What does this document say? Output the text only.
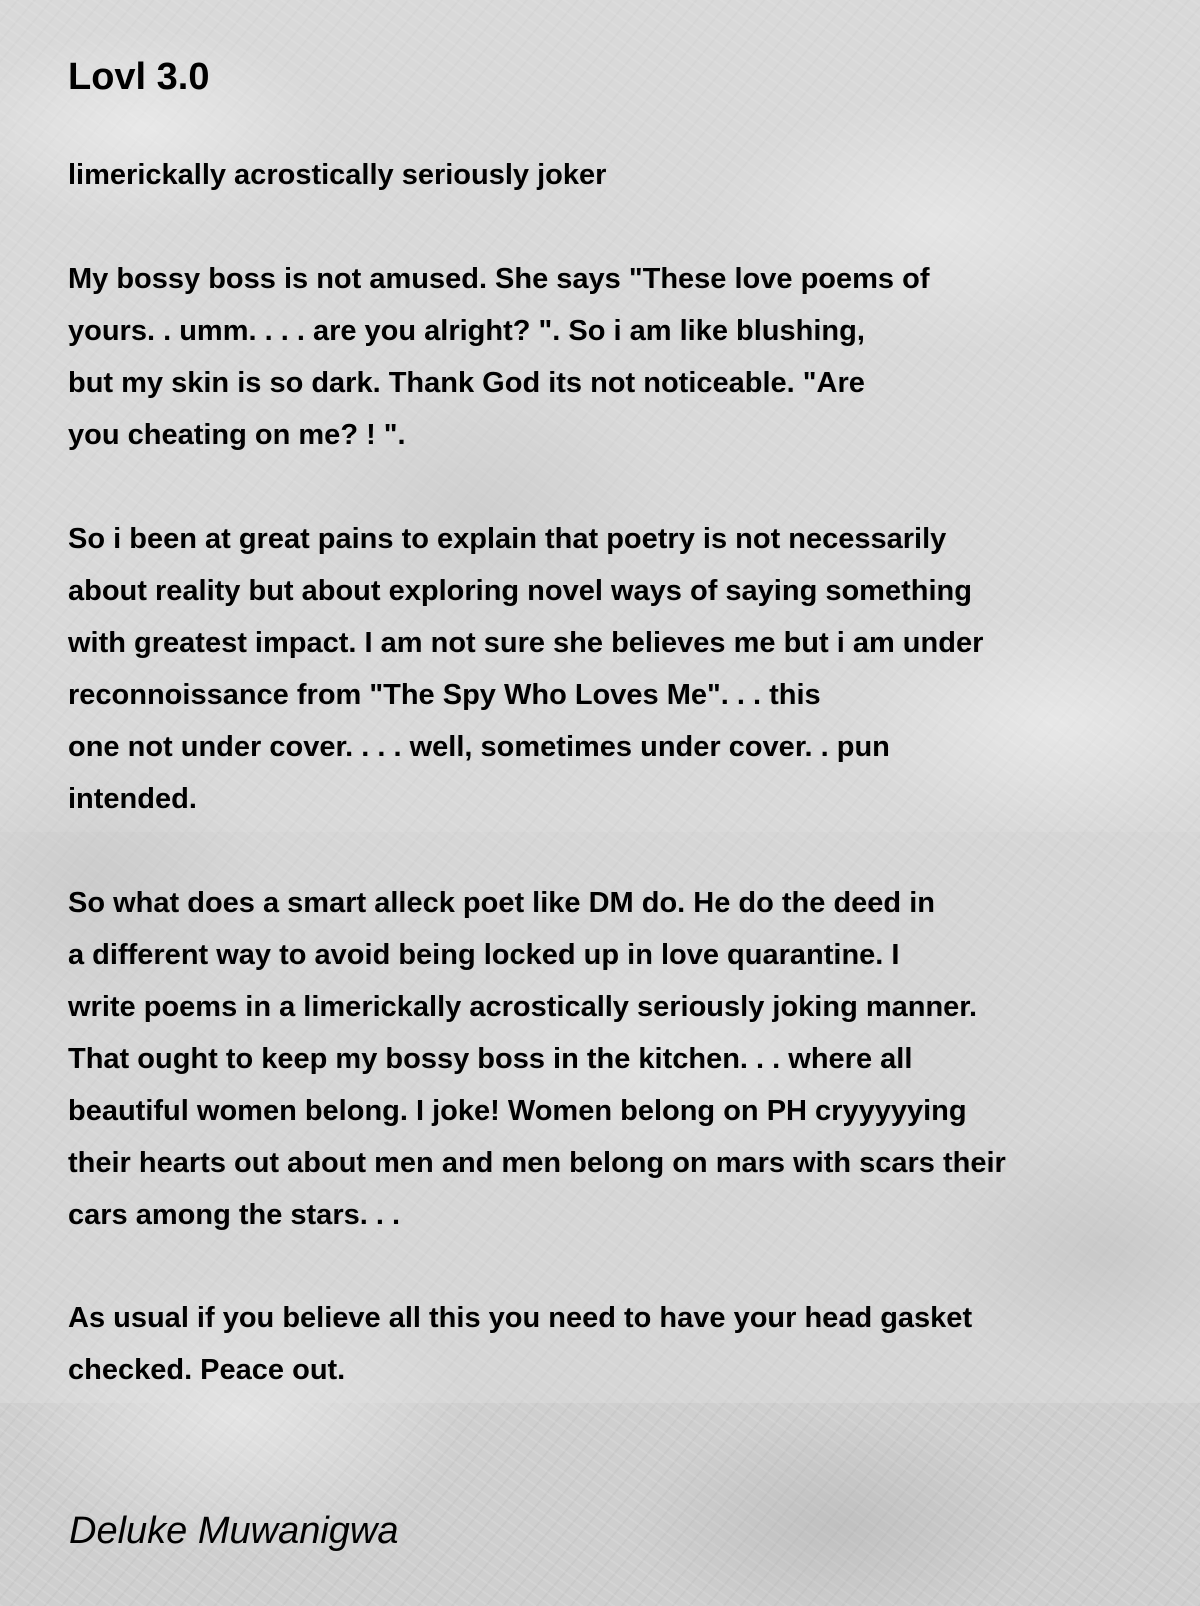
Lovl 3.0

limerickally acrostically seriously joker

My bossy boss is not amused. She says "These love poems of
yours. . umm. . . . are you alright? ". So i am like blushing,
but my skin is so dark. Thank God its not noticeable. "Are
you cheating on me? ! ".

So i been at great pains to explain that poetry is not necessarily
about reality but about exploring novel ways of saying something
with greatest impact. I am not sure she believes me but i am under
reconnoissance from "The Spy Who Loves Me". . . this
one not under cover. . . . well, sometimes under cover. . pun
intended.

So what does a smart alleck poet like DM do. He do the deed in
a different way to avoid being locked up in love quarantine. I
write poems in a limerickally acrostically seriously joking manner.
That ought to keep my bossy boss in the kitchen. . . where all
beautiful women belong. I joke! Women belong on PH cryyyyying
their hearts out about men and men belong on mars with scars their
cars among the stars. . .

As usual if you believe all this you need to have your head gasket
checked. Peace out.

Deluke Muwanigwa
